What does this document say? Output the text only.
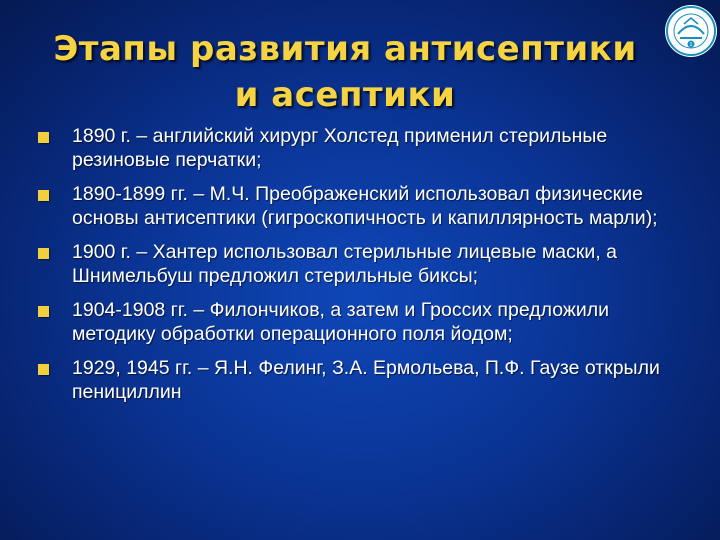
Этапы развития антисептики
и асептики
1
1890 г. – английский хирург Холстед применил стерильные резиновые перчатки;
1890-1899 гг. – М.Ч. Преображенский использовал физические основы антисептики (гигроскопичность и капиллярность марли);
1900 г. – Хантер использовал стерильные лицевые маски, а Шнимельбуш предложил стерильные биксы;
1904-1908 гг. – Филончиков, а затем и Гроссих предложили методику обработки операционного поля йодом;
1929, 1945 гг. – Я.Н. Фелинг, З.А. Ермольева, П.Ф. Гаузе открыли пенициллин
